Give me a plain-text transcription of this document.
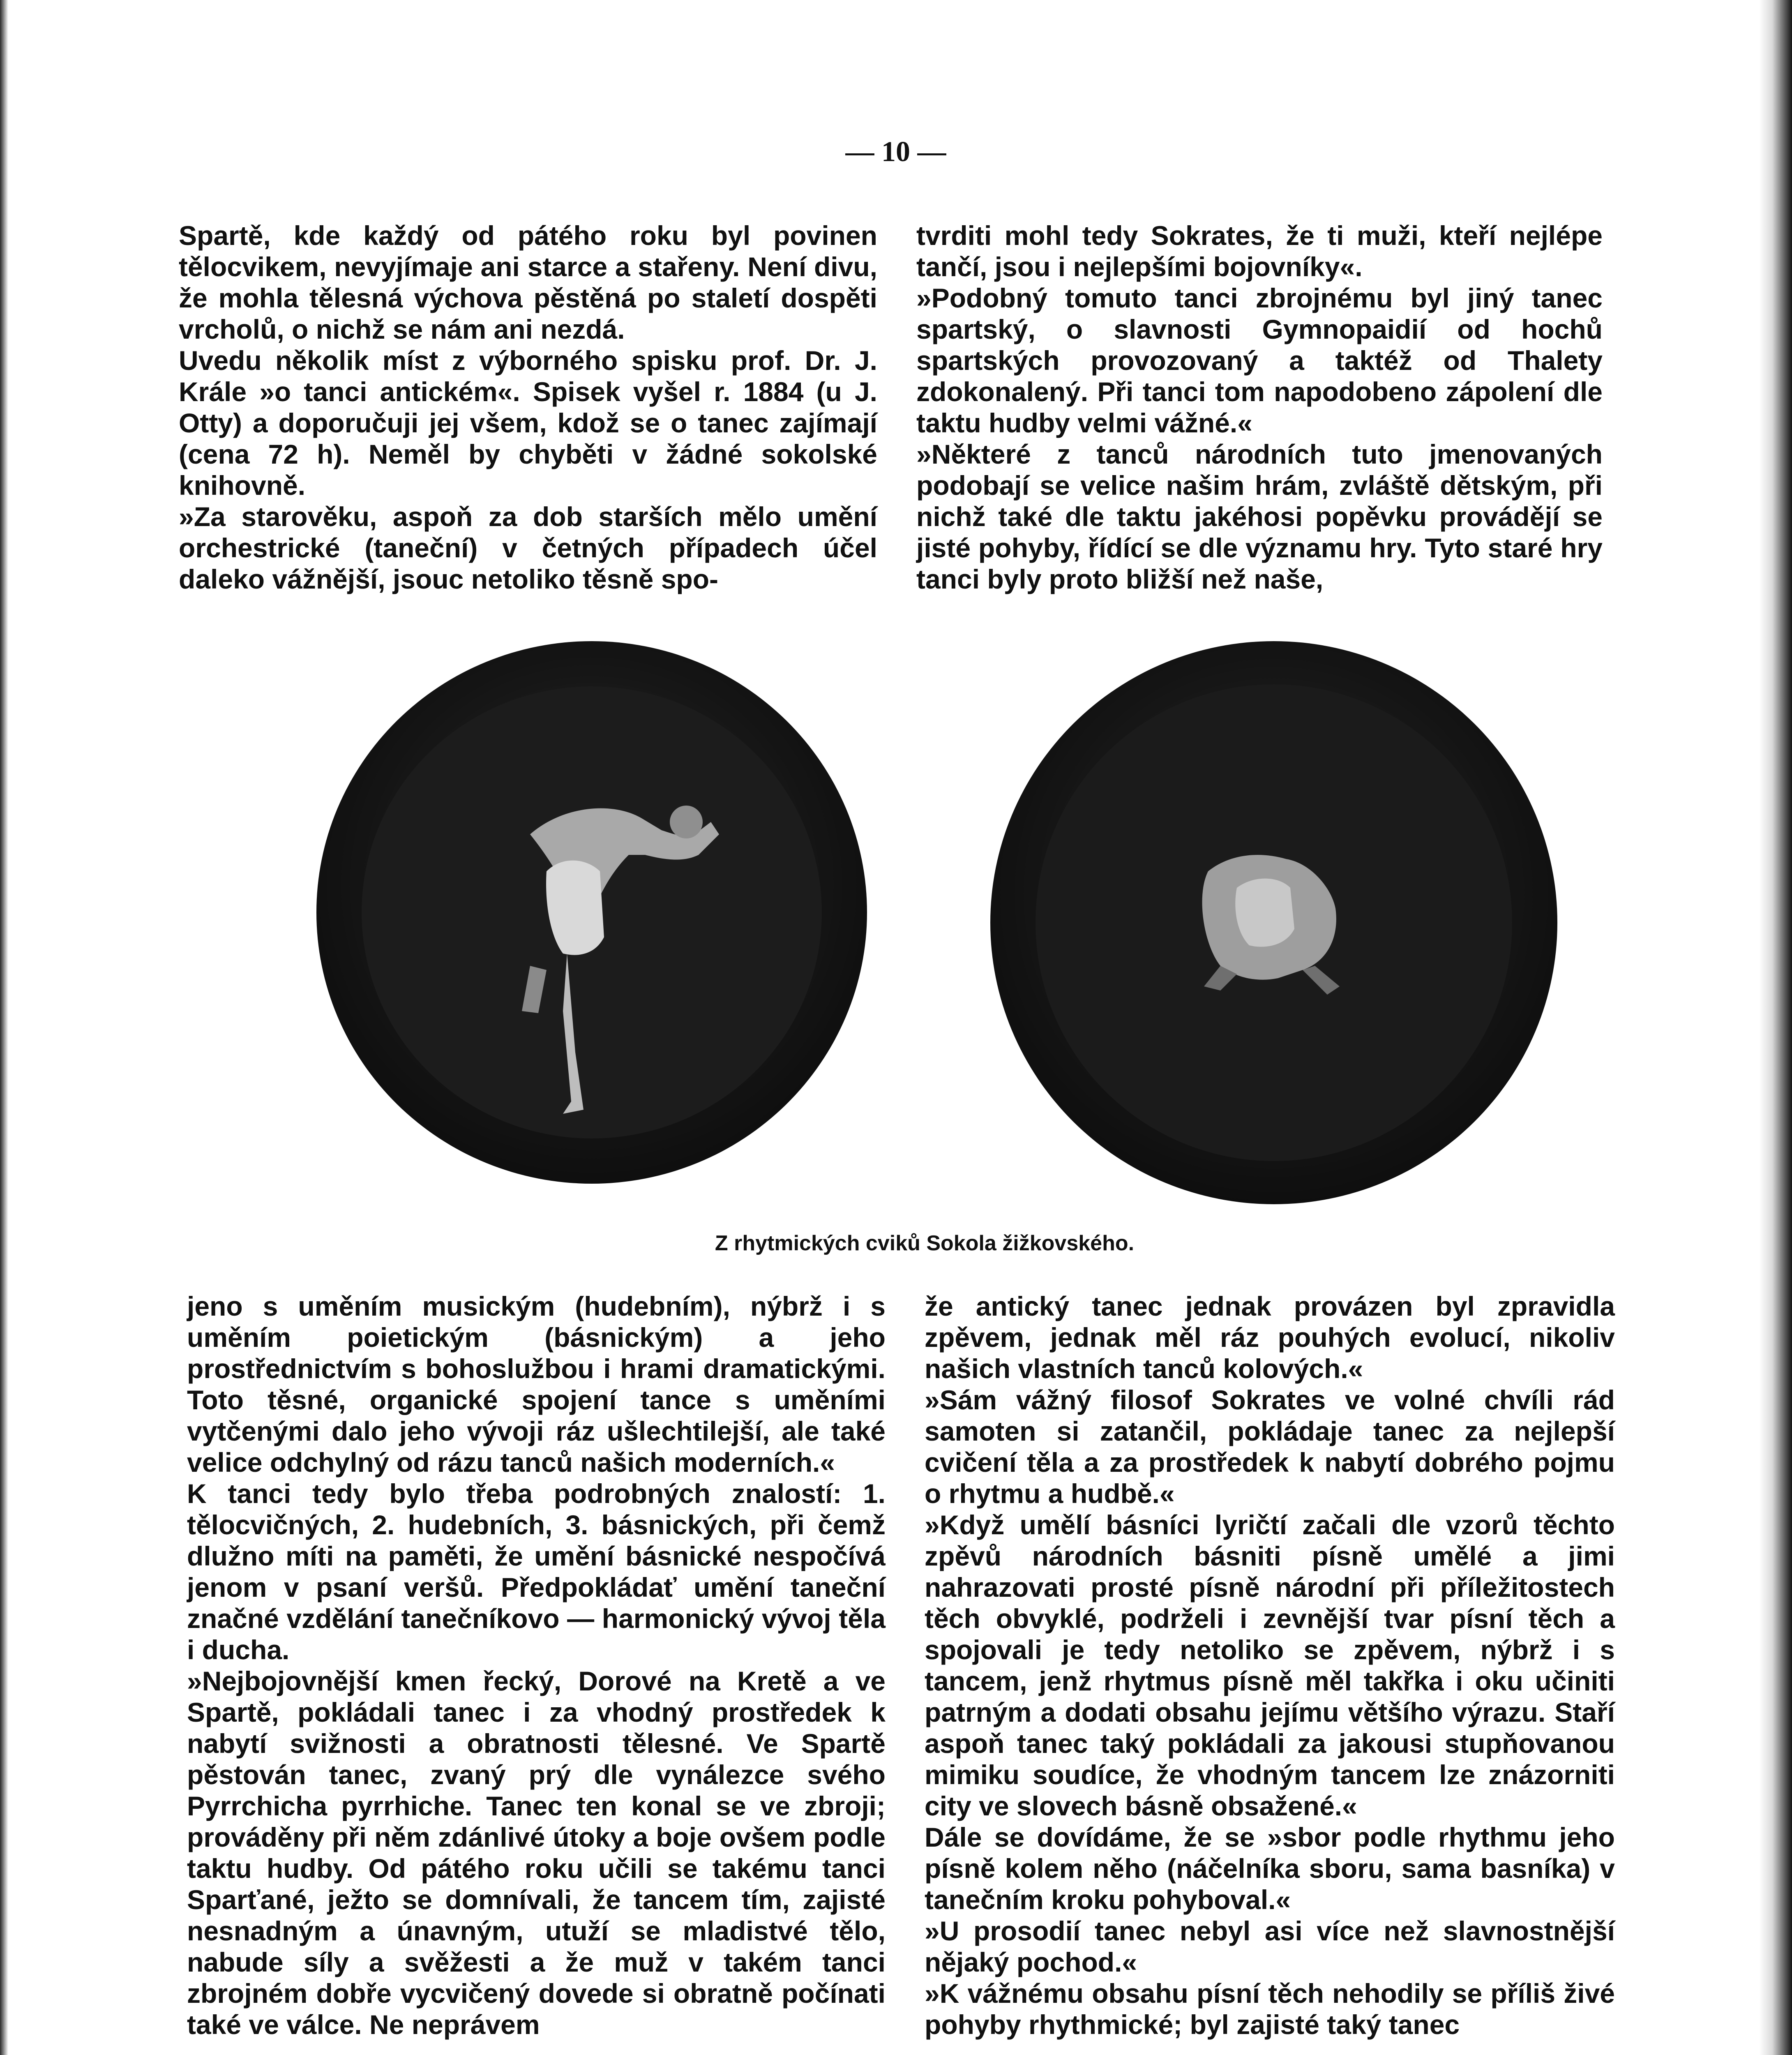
— 10 —

Spartě, kde každý od pátého roku byl povinen tělocvikem, nevyjímaje ani starce a stařeny. Není divu, že mohla tělesná výchova pěstěná po staletí dospěti vrcholů, o nichž se nám ani nezdá.

Uvedu několik míst z výborného spisku prof. Dr. J. Krále »o tanci antickém«. Spisek vyšel r. 1884 (u J. Otty) a doporučuji jej všem, kdož se o tanec zajímají (cena 72 h). Neměl by chyběti v žádné sokolské knihovně.

»Za starověku, aspoň za dob starších mělo umění orchestrické (taneční) v četných případech účel daleko vážnější, jsouc netoliko těsně spo-

tvrditi mohl tedy Sokrates, že ti muži, kteří nejlépe tančí, jsou i nejlepšími bojovníky«.

»Podobný tomuto tanci zbrojnému byl jiný tanec spartský, o slavnosti Gymnopaidií od hochů spartských provozovaný a taktéž od Thalety zdokonalený. Při tanci tom napodobeno zápolení dle taktu hudby velmi vážné.«

»Některé z tanců národních tuto jmenovaných podobají se velice našim hrám, zvláště dětským, při nichž také dle taktu jakéhosi popěvku provádějí se jisté pohyby, řídící se dle významu hry. Tyto staré hry tanci byly proto bližší než naše,

Z rhytmických cviků Sokola žižkovského.

jeno s uměním musickým (hudebním), nýbrž i s uměním poietickým (básnickým) a jeho prostřednictvím s bohoslužbou i hrami dramatickými. Toto těsné, organické spojení tance s uměními vytčenými dalo jeho vývoji ráz ušlechtilejší, ale také velice odchylný od rázu tanců našich moderních.«

K tanci tedy bylo třeba podrobných znalostí: 1. tělocvičných, 2. hudebních, 3. básnických, při čemž dlužno míti na paměti, že umění básnické nespočívá jenom v psaní veršů. Předpokládať umění taneční značné vzdělání tanečníkovo — harmonický vývoj těla i ducha.

»Nejbojovnější kmen řecký, Dorové na Kretě a ve Spartě, pokládali tanec i za vhodný prostředek k nabytí svižnosti a obratnosti tělesné. Ve Spartě pěstován tanec, zvaný prý dle vynálezce svého Pyrrchicha pyrrhiche. Tanec ten konal se ve zbroji; prováděny při něm zdánlivé útoky a boje ovšem podle taktu hudby. Od pátého roku učili se takému tanci Sparťané, ježto se domnívali, že tancem tím, zajisté nesnadným a únavným, utuží se mladistvé tělo, nabude síly a svěžesti a že muž v takém tanci zbrojném dobře vycvičený dovede si obratně počínati také ve válce. Ne neprávem

že antický tanec jednak provázen byl zpravidla zpěvem, jednak měl ráz pouhých evolucí, nikoliv našich vlastních tanců kolových.«

»Sám vážný filosof Sokrates ve volné chvíli rád samoten si zatančil, pokládaje tanec za nejlepší cvičení těla a za prostředek k nabytí dobrého pojmu o rhytmu a hudbě.«

»Když umělí básníci lyričtí začali dle vzorů těchto zpěvů národních básniti písně umělé a jimi nahrazovati prosté písně národní při příležitostech těch obvyklé, podrželi i zevnější tvar písní těch a spojovali je tedy netoliko se zpěvem, nýbrž i s tancem, jenž rhytmus písně měl takřka i oku učiniti patrným a dodati obsahu jejímu většího výrazu. Staří aspoň tanec taký pokládali za jakousi stupňovanou mimiku soudíce, že vhodným tancem lze znázorniti city ve slovech básně obsažené.«

Dále se dovídáme, že se »sbor podle rhythmu jeho písně kolem něho (náčelníka sboru, sama basníka) v tanečním kroku pohyboval.«

»U prosodií tanec nebyl asi více než slavnostnější nějaký pochod.«

»K vážnému obsahu písní těch nehodily se příliš živé pohyby rhythmické; byl zajisté taký tanec
